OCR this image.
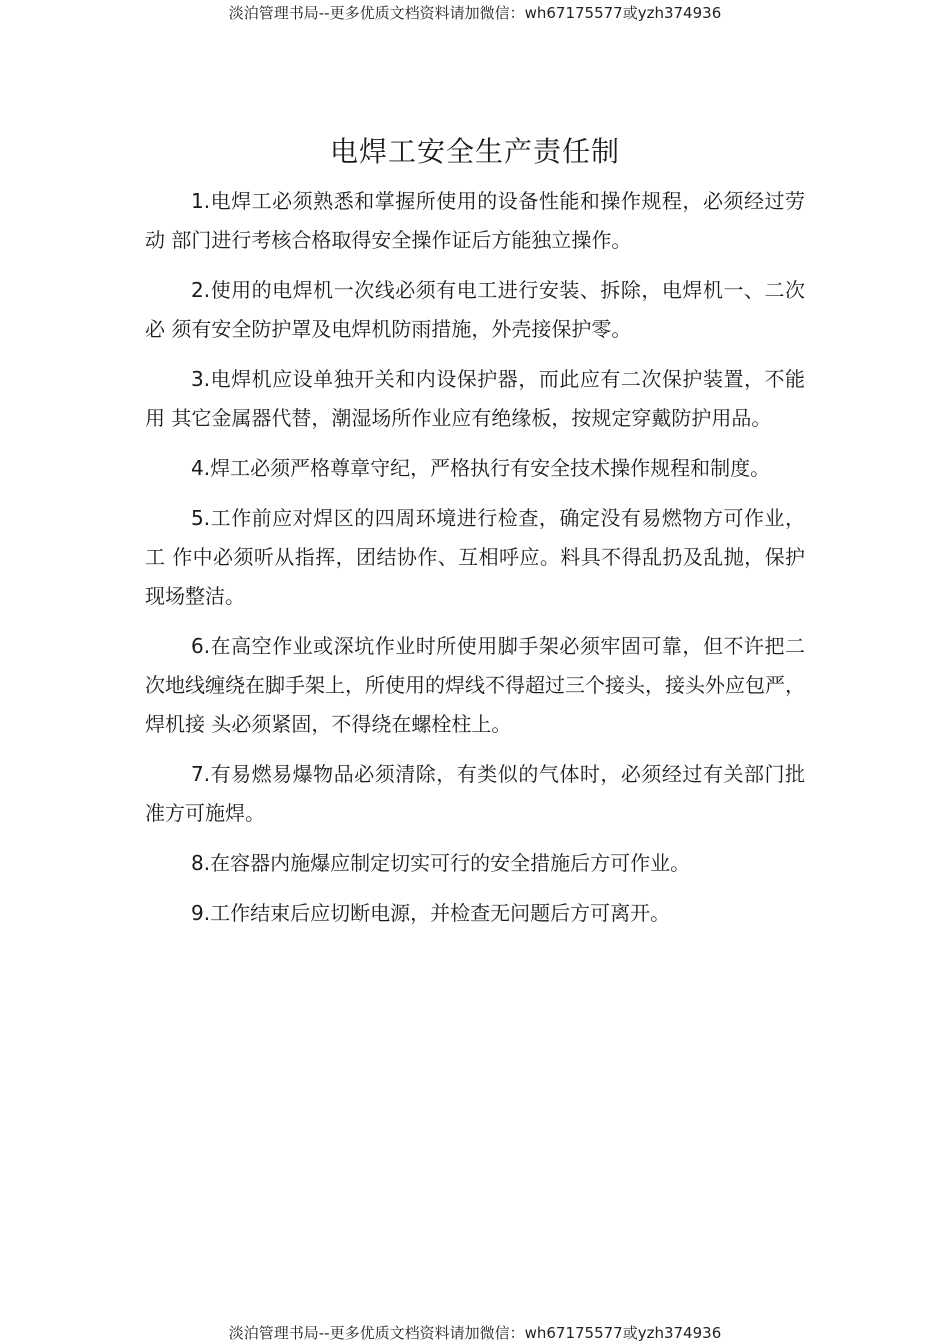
淡泊管理书局--更多优质文档资料请加微信：wh67175577或yzh374936
电焊工安全生产责任制

1.电焊工必须熟悉和掌握所使用的设备性能和操作规程，必须经过劳动 部门进行考核合格取得安全操作证后方能独立操作。

2.使用的电焊机一次线必须有电工进行安装、拆除，电焊机一、二次必 须有安全防护罩及电焊机防雨措施，外壳接保护零。

3.电焊机应设单独开关和内设保护器，而此应有二次保护装置，不能用 其它金属器代替，潮湿场所作业应有绝缘板，按规定穿戴防护用品。

4.焊工必须严格尊章守纪，严格执行有安全技术操作规程和制度。

5.工作前应对焊区的四周环境进行检查，确定没有易燃物方可作业，工 作中必须听从指挥，团结协作、互相呼应。料具不得乱扔及乱抛，保护现场整洁。

6.在高空作业或深坑作业时所使用脚手架必须牢固可靠，但不许把二次地线缠绕在脚手架上，所使用的焊线不得超过三个接头，接头外应包严，焊机接 头必须紧固，不得绕在螺栓柱上。

7.有易燃易爆物品必须清除，有类似的气体时，必须经过有关部门批准方可施焊。

8.在容器内施爆应制定切实可行的安全措施后方可作业。

9.工作结束后应切断电源，并检查无问题后方可离开。

淡泊管理书局--更多优质文档资料请加微信：wh67175577或yzh374936
